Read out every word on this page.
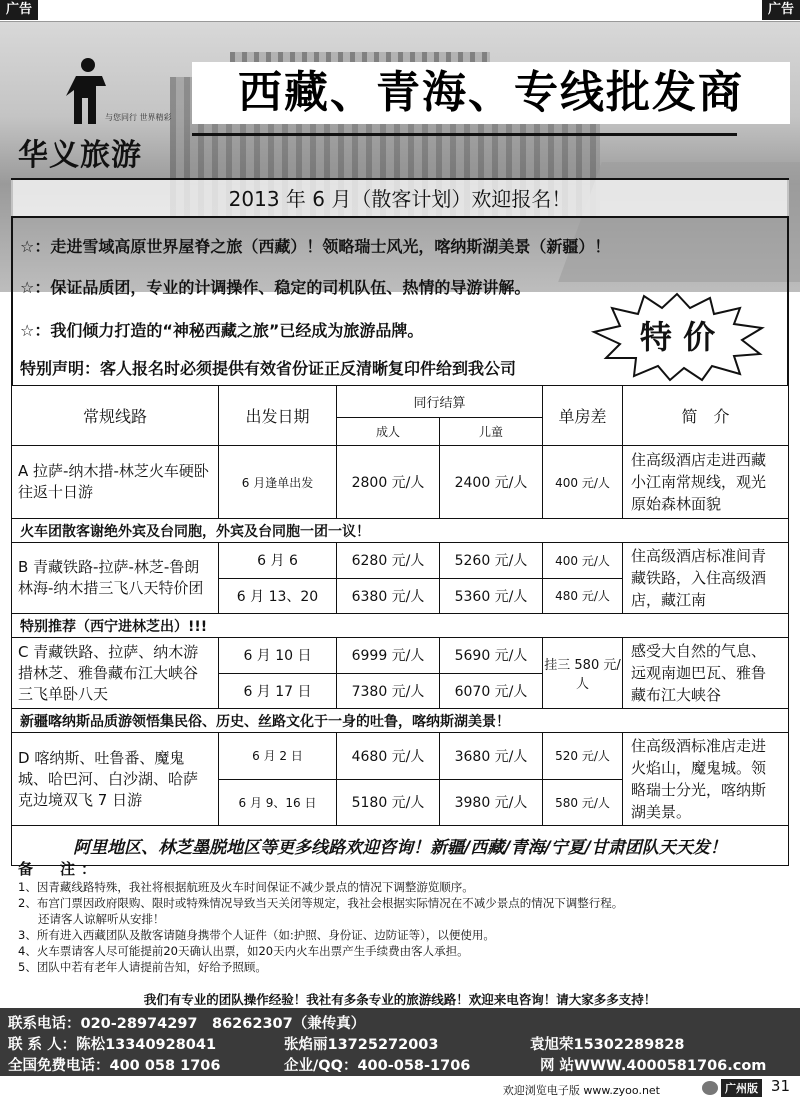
广告	广告
与您同行 世界精彩
华义旅游
西藏、青海、专线批发商
2013 年 6 月（散客计划）欢迎报名！
☆：走进雪域高原世界屋脊之旅（西藏）！领略瑞士风光，喀纳斯湖美景（新疆）！
☆：保证品质团，专业的计调操作、稳定的司机队伍、热情的导游讲解。
☆：我们倾力打造的“神秘西藏之旅”已经成为旅游品牌。	特 价
特别声明：客人报名时必须提供有效省份证正反清晰复印件给到我公司
常规线路	出发日期	同行结算		单房差	简　介
		成人	儿童		
A 拉萨-纳木措-林芝火车硬卧往返十日游	6 月逢单出发	2800 元/人	2400 元/人	400 元/人	住高级酒店走进西藏小江南常规线，观光原始森林面貌
火车团散客谢绝外宾及台同胞，外宾及台同胞一团一议！					
B 青藏铁路-拉萨-林芝-鲁朗林海-纳木措三飞八天特价团	6 月 6	6280 元/人	5260 元/人	400 元/人	住高级酒店标准间青藏铁路，入住高级酒店，藏江南
	6 月 13、20	6380 元/人	5360 元/人	480 元/人	
特别推荐（西宁进林芝出）!!!					
C 青藏铁路、拉萨、纳木游措林芝、雅鲁藏布江大峡谷三飞单卧八天	6 月 10 日	6999 元/人	5690 元/人	挂三 580 元/人	感受大自然的气息、远观南迦巴瓦、雅鲁藏布江大峡谷
	6 月 17 日	7380 元/人	6070 元/人		
新疆喀纳斯品质游领悟集民俗、历史、丝路文化于一身的吐鲁，喀纳斯湖美景！					
D 喀纳斯、吐鲁番、魔鬼城、哈巴河、白沙湖、哈萨克边境双飞 7 日游	6 月 2 日	4680 元/人	3680 元/人	520 元/人	住高级酒标准店走进火焰山，魔鬼城。领略瑞士分光，喀纳斯湖美景。
	6 月 9、16 日	5180 元/人	3980 元/人	580 元/人	
阿里地区、林芝墨脱地区等更多线路欢迎咨询！新疆/西藏/青海/宁夏/甘肃团队天天发！					
备　注：
1、因青藏线路特殊，我社将根据航班及火车时间保证不减少景点的情况下调整游览顺序。
2、布宫门票因政府限购、限时或特殊情况导致当天关闭等规定，我社会根据实际情况在不减少景点的情况下调整行程。
还请客人谅解听从安排！
3、所有进入西藏团队及散客请随身携带个人证件（如:护照、身份证、边防证等），以便使用。
4、火车票请客人尽可能提前20天确认出票，如20天内火车出票产生手续费由客人承担。
5、团队中若有老年人请提前告知，好给予照顾。
我们有专业的团队操作经验！我社有多条专业的旅游线路！欢迎来电咨询！请大家多多支持！
联系电话：020-28974297　86262307（兼传真）
联 系 人：陈松13340928041	张焰丽13725272003	袁旭荣15302289828
全国免费电话：400 058 1706	企业/QQ：400-058-1706	网 站WWW.4000581706.com
欢迎浏览电子版 www.zyoo.net	广州版 31
